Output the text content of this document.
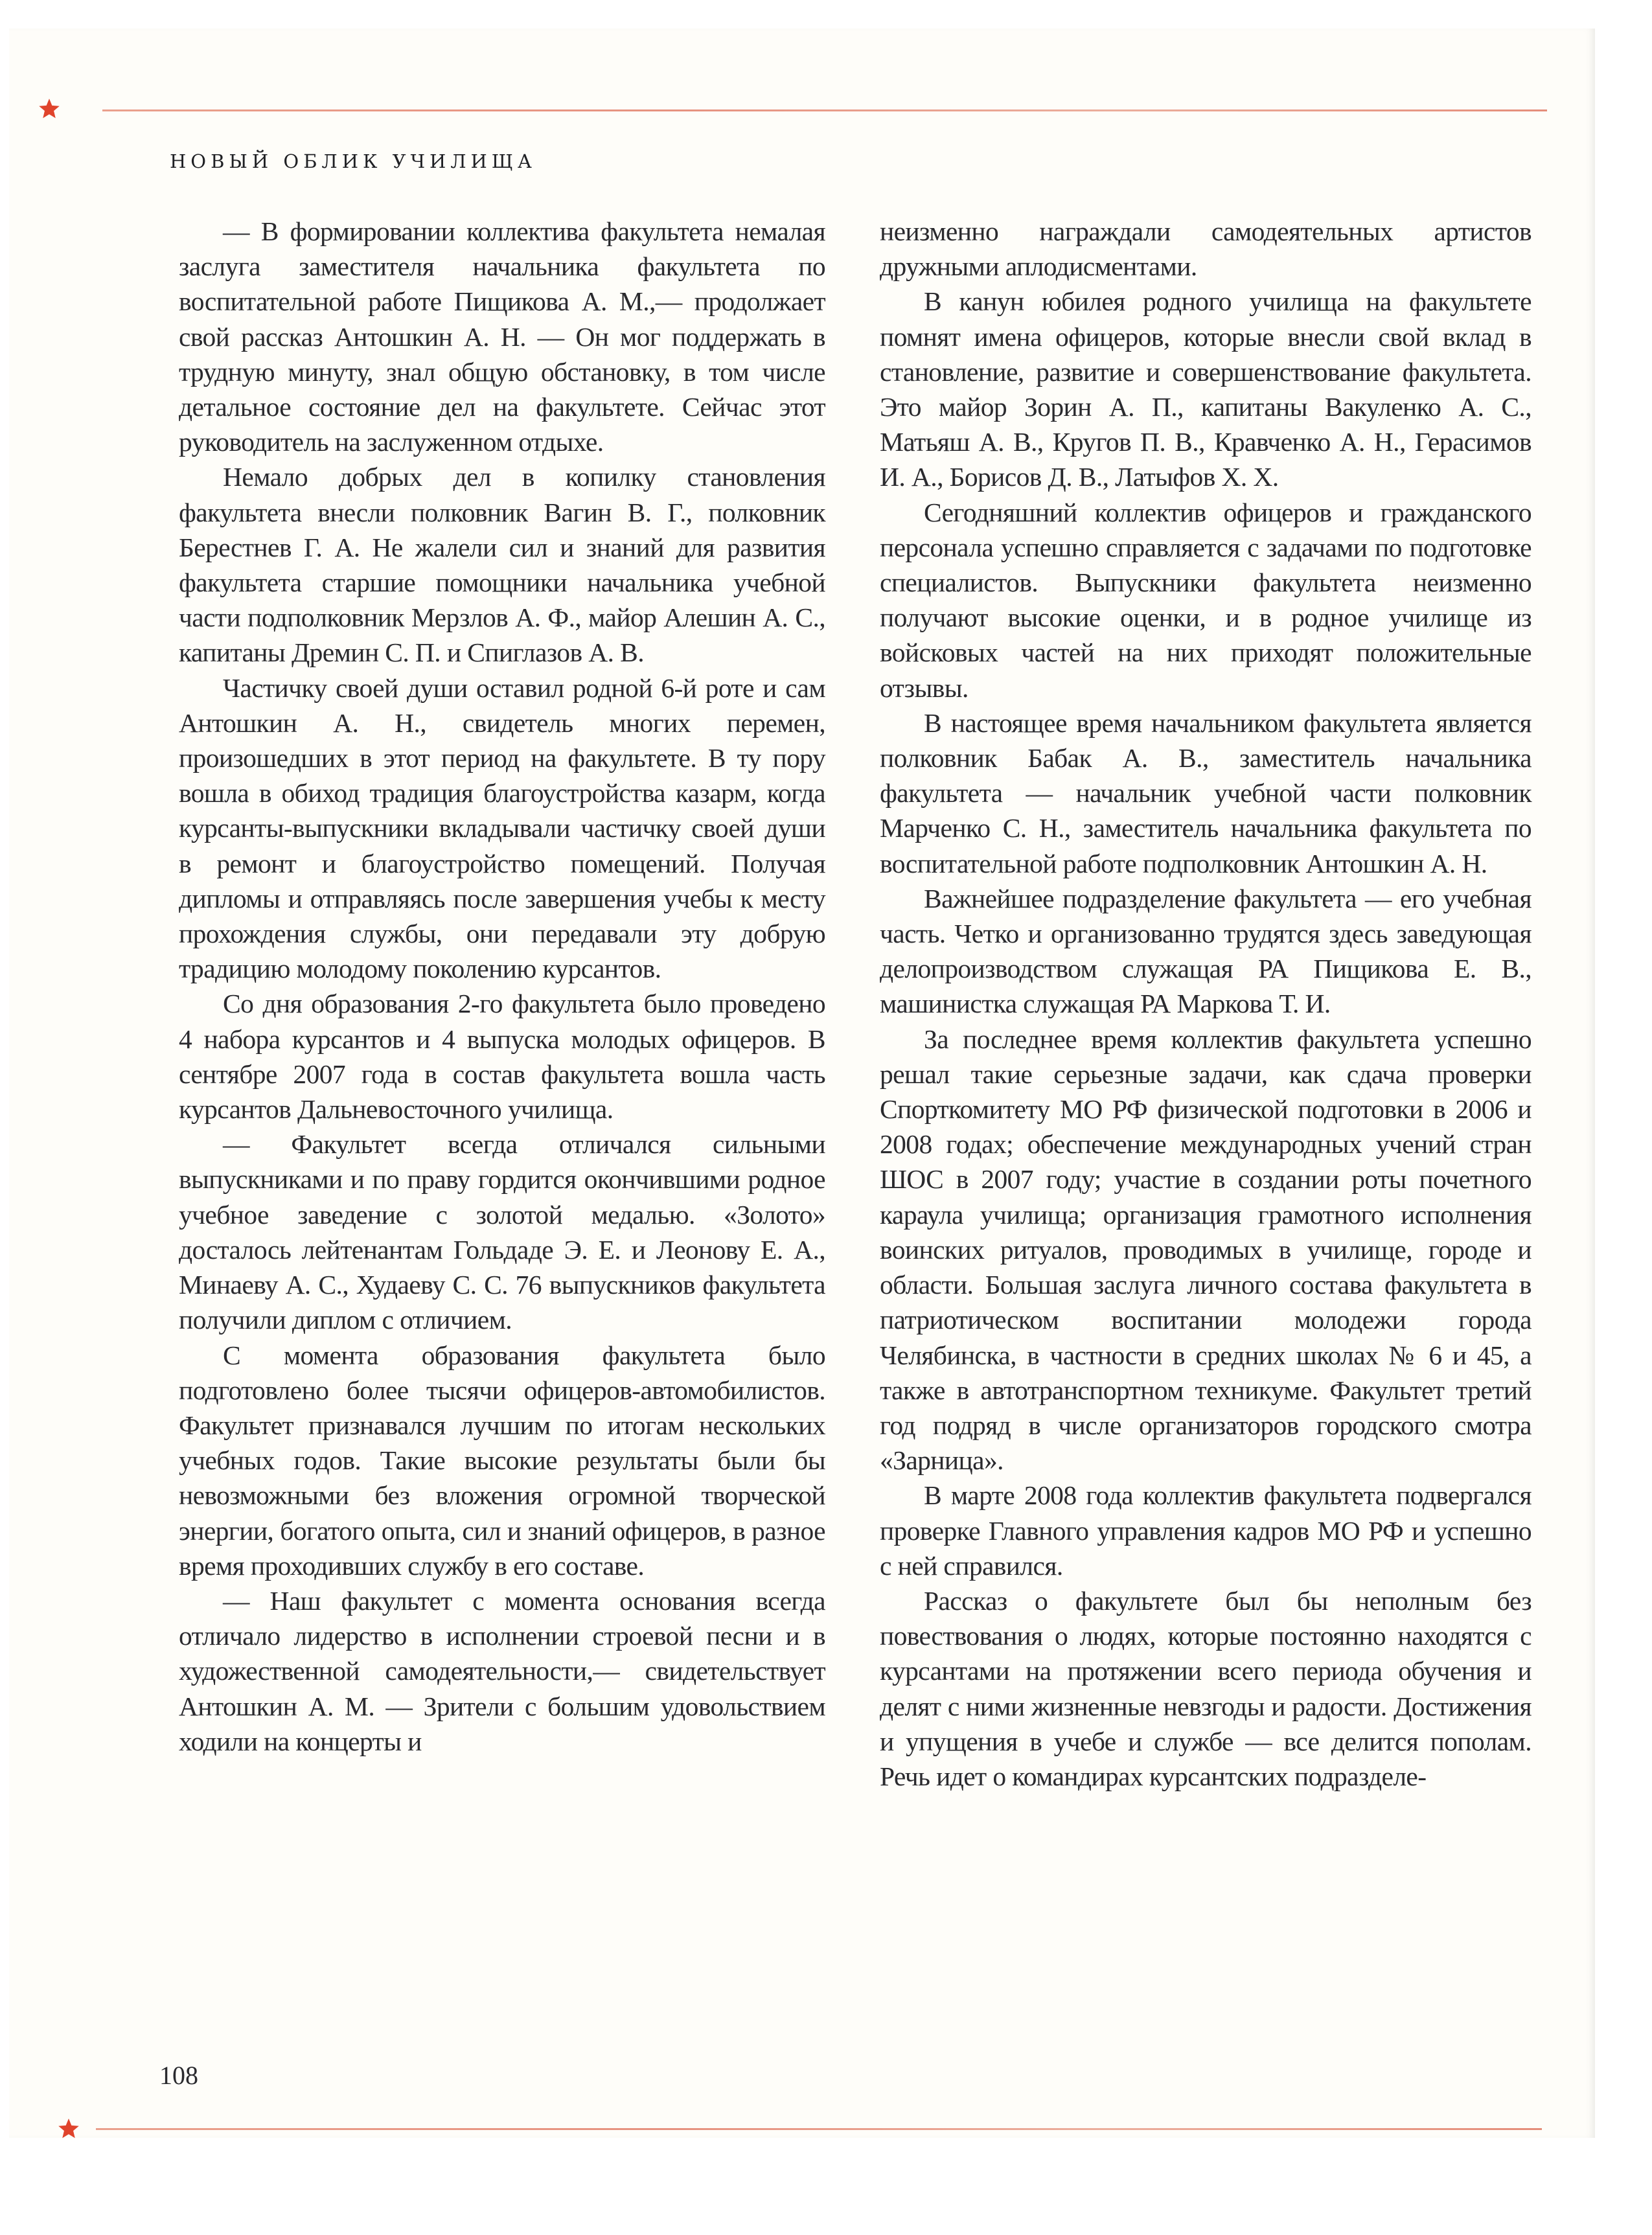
НОВЫЙ ОБЛИК УЧИЛИЩА

— В формировании коллектива факультета немалая заслуга заместителя начальника факультета по воспитательной работе Пищикова А. М.,— продолжает свой рассказ Антошкин А. Н. — Он мог поддержать в трудную минуту, знал общую обстановку, в том числе детальное состояние дел на факультете. Сейчас этот руководитель на заслуженном отдыхе.

Немало добрых дел в копилку становления факультета внесли полковник Вагин В. Г., полковник Берестнев Г. А. Не жалели сил и знаний для развития факультета старшие помощники начальника учебной части подполковник Мерзлов А. Ф., майор Алешин А. С., капитаны Дремин С. П. и Спиглазов А. В.

Частичку своей души оставил родной 6-й роте и сам Антошкин А. Н., свидетель многих перемен, произошедших в этот период на факультете. В ту пору вошла в обиход традиция благоустройства казарм, когда курсанты-выпускники вкладывали частичку своей души в ремонт и благоустройство помещений. Получая дипломы и отправляясь после завершения учебы к месту прохождения службы, они передавали эту добрую традицию молодому поколению курсантов.

Со дня образования 2-го факультета было проведено 4 набора курсантов и 4 выпуска молодых офицеров. В сентябре 2007 года в состав факультета вошла часть курсантов Дальневосточного училища.

— Факультет всегда отличался сильными выпускниками и по праву гордится окончившими родное учебное заведение с золотой медалью. «Золото» досталось лейтенантам Гольдаде Э. Е. и Леонову Е. А., Минаеву А. С., Худаеву С. С. 76 выпускников факультета получили диплом с отличием.

С момента образования факультета было подготовлено более тысячи офицеров-автомобилистов. Факультет признавался лучшим по итогам нескольких учебных годов. Такие высокие результаты были бы невозможными без вложения огромной творческой энергии, богатого опыта, сил и знаний офицеров, в разное время проходивших службу в его составе.

— Наш факультет с момента основания всегда отличало лидерство в исполнении строевой песни и в художественной самодеятельности,— свидетельствует Антошкин А. М. — Зрители с большим удовольствием ходили на концерты и

неизменно награждали самодеятельных артистов дружными аплодисментами.

В канун юбилея родного училища на факультете помнят имена офицеров, которые внесли свой вклад в становление, развитие и совершенствование факультета. Это майор Зорин А. П., капитаны Вакуленко А. С., Матьяш А. В., Кругов П. В., Кравченко А. Н., Герасимов И. А., Борисов Д. В., Латыфов Х. Х.

Сегодняшний коллектив офицеров и гражданского персонала успешно справляется с задачами по подготовке специалистов. Выпускники факультета неизменно получают высокие оценки, и в родное училище из войсковых частей на них приходят положительные отзывы.

В настоящее время начальником факультета является полковник Бабак А. В., заместитель начальника факультета — начальник учебной части полковник Марченко С. Н., заместитель начальника факультета по воспитательной работе подполковник Антошкин А. Н.

Важнейшее подразделение факультета — его учебная часть. Четко и организованно трудятся здесь заведующая делопроизводством служащая РА Пищикова Е. В., машинистка служащая РА Маркова Т. И.

За последнее время коллектив факультета успешно решал такие серьезные задачи, как сдача проверки Спорткомитету МО РФ физической подготовки в 2006 и 2008 годах; обеспечение международных учений стран ШОС в 2007 году; участие в создании роты почетного караула училища; организация грамотного исполнения воинских ритуалов, проводимых в училище, городе и области. Большая заслуга личного состава факультета в патриотическом воспитании молодежи города Челябинска, в частности в средних школах № 6 и 45, а также в автотранспортном техникуме. Факультет третий год подряд в числе организаторов городского смотра «Зарница».

В марте 2008 года коллектив факультета подвергался проверке Главного управления кадров МО РФ и успешно с ней справился.

Рассказ о факультете был бы неполным без повествования о людях, которые постоянно находятся с курсантами на протяжении всего периода обучения и делят с ними жизненные невзгоды и радости. Достижения и упущения в учебе и службе — все делится пополам. Речь идет о командирах курсантских подразделе-

108
